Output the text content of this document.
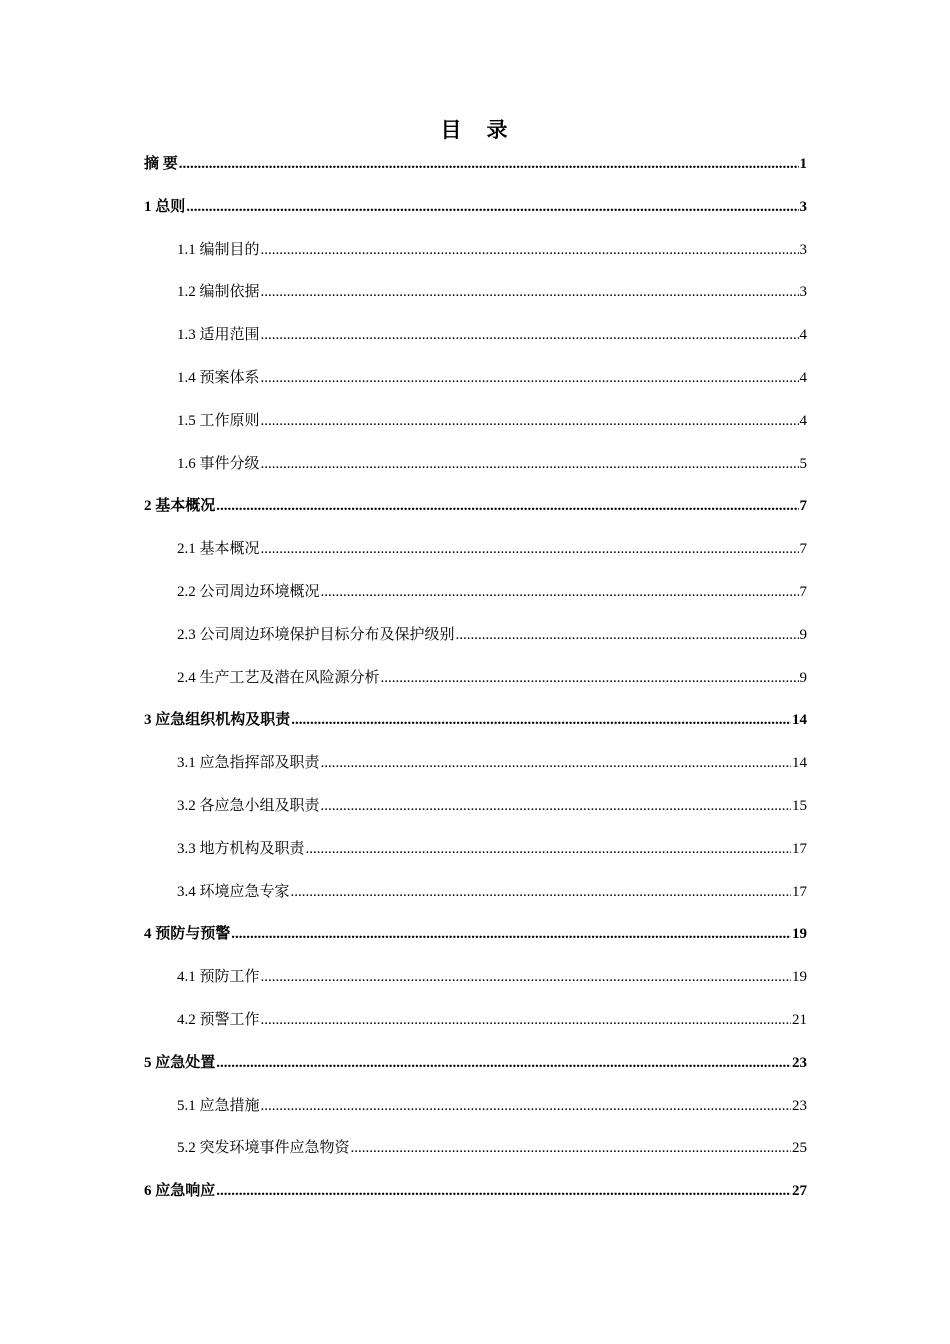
目　录
摘 要 .....	1
1 总则 .....	3
1.1 编制目的 .....	3
1.2 编制依据 .....	3
1.3 适用范围 .....	4
1.4 预案体系 .....	4
1.5 工作原则 .....	4
1.6 事件分级 .....	5
2 基本概况 .....	7
2.1 基本概况 .....	7
2.2 公司周边环境概况 .....	7
2.3 公司周边环境保护目标分布及保护级别 .....	9
2.4 生产工艺及潜在风险源分析 .....	9
3 应急组织机构及职责 .....	14
3.1 应急指挥部及职责 .....	14
3.2 各应急小组及职责 .....	15
3.3 地方机构及职责 .....	17
3.4 环境应急专家 .....	17
4 预防与预警 .....	19
4.1 预防工作 .....	19
4.2 预警工作 .....	21
5 应急处置 .....	23
5.1 应急措施 .....	23
5.2 突发环境事件应急物资 .....	25
6 应急响应 .....	27
